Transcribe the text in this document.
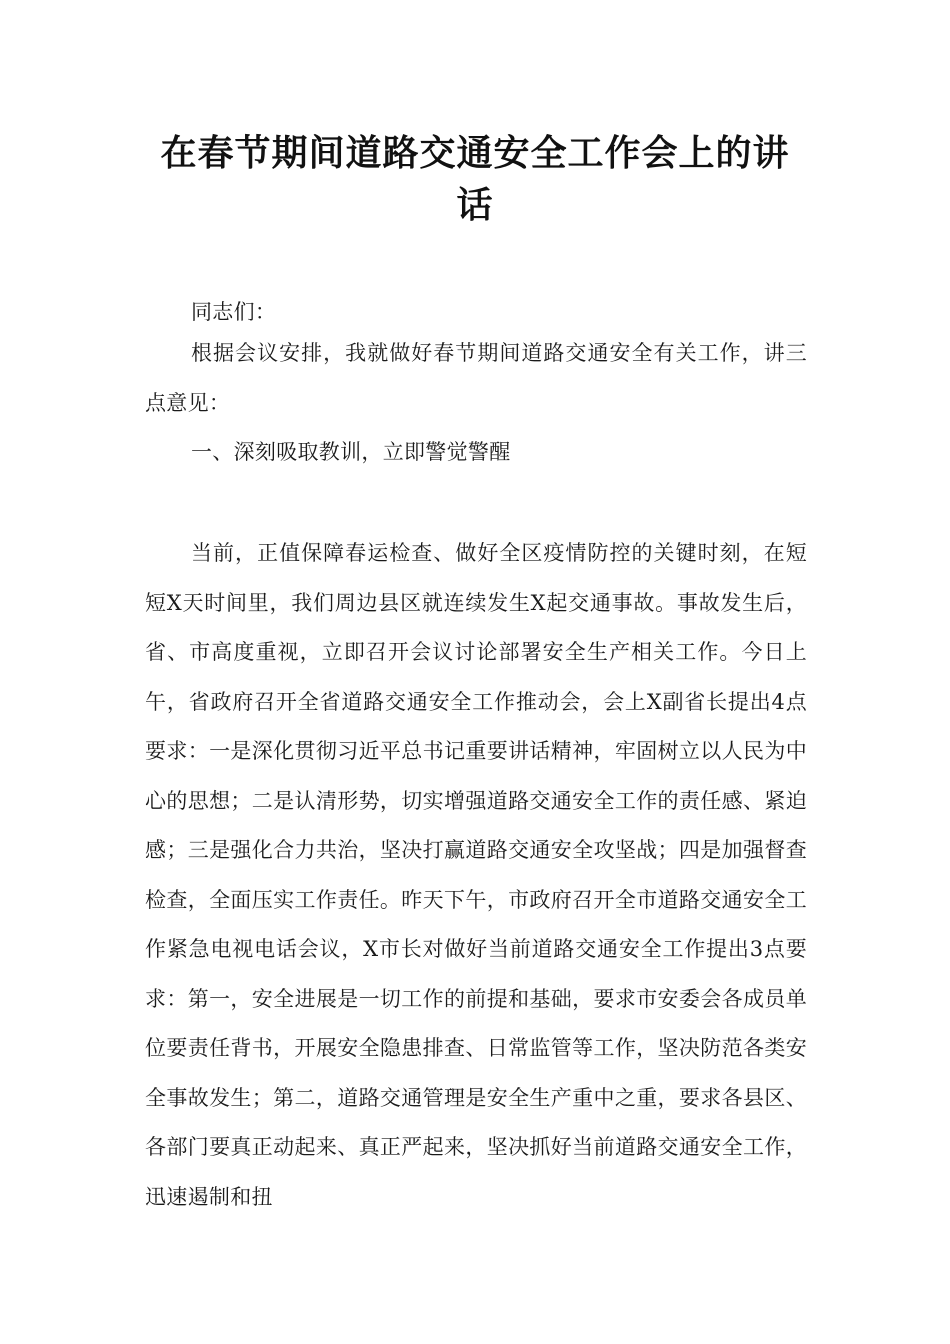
在春节期间道路交通安全工作会上的讲
话

同志们：

根据会议安排，我就做好春节期间道路交通安全有关工作，讲三点意见：

一、深刻吸取教训，立即警觉警醒

当前，正值保障春运检查、做好全区疫情防控的关键时刻，在短短X天时间里，我们周边县区就连续发生X起交通事故。事故发生后，省、市高度重视，立即召开会议讨论部署安全生产相关工作。今日上午，省政府召开全省道路交通安全工作推动会，会上X副省长提出4点要求：一是深化贯彻习近平总书记重要讲话精神，牢固树立以人民为中心的思想；二是认清形势，切实增强道路交通安全工作的责任感、紧迫感；三是强化合力共治，坚决打赢道路交通安全攻坚战；四是加强督查检查，全面压实工作责任。昨天下午，市政府召开全市道路交通安全工作紧急电视电话会议，X市长对做好当前道路交通安全工作提出3点要求：第一，安全进展是一切工作的前提和基础，要求市安委会各成员单位要责任背书，开展安全隐患排查、日常监管等工作，坚决防范各类安全事故发生；第二，道路交通管理是安全生产重中之重，要求各县区、各部门要真正动起来、真正严起来，坚决抓好当前道路交通安全工作，迅速遏制和扭
